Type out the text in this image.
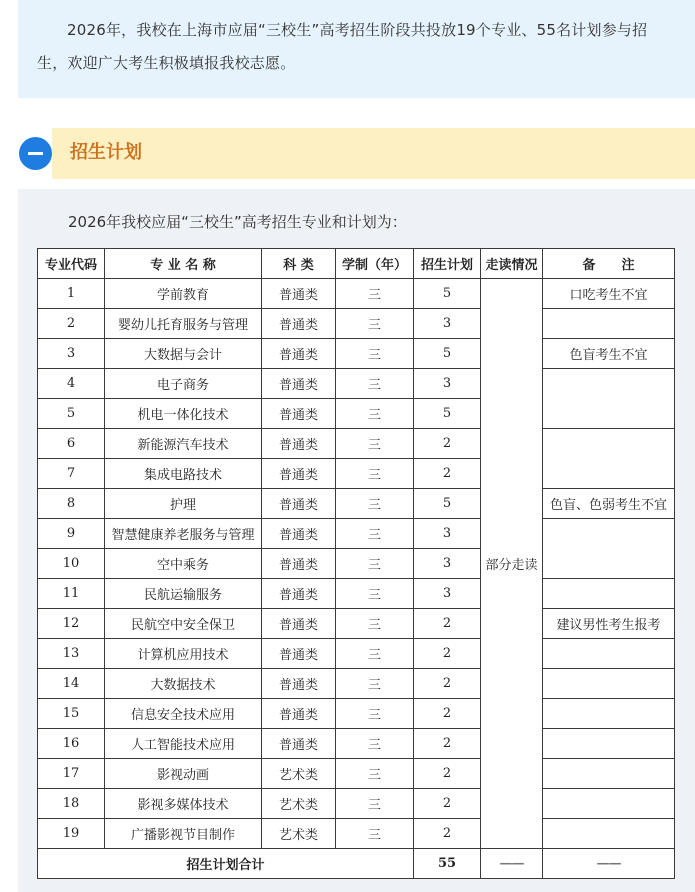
2026年，我校在上海市应届“三校生”高考招生阶段共投放19个专业、55名计划参与招生，欢迎广大考生积极填报我校志愿。

招生计划
2026年我校应届“三校生”高考招生专业和计划为：
专业代码	专 业 名 称	科 类	学制（年）	招生计划	走读情况	备　　注
1	学前教育	普通类	三	5	部分走读	口吃考生不宜
2	婴幼儿托育服务与管理	普通类	三	3		
3	大数据与会计	普通类	三	5		色盲考生不宜
4	电子商务	普通类	三	3		
5	机电一体化技术	普通类	三	5		
6	新能源汽车技术	普通类	三	2		
7	集成电路技术	普通类	三	2		
8	护理	普通类	三	5		色盲、色弱考生不宜
9	智慧健康养老服务与管理	普通类	三	3		
10	空中乘务	普通类	三	3		
11	民航运输服务	普通类	三	3		
12	民航空中安全保卫	普通类	三	2		建议男性考生报考
13	计算机应用技术	普通类	三	2		
14	大数据技术	普通类	三	2		
15	信息安全技术应用	普通类	三	2		
16	人工智能技术应用	普通类	三	2		
17	影视动画	艺术类	三	2		
18	影视多媒体技术	艺术类	三	2		
19	广播影视节目制作	艺术类	三	2		
招生计划合计				55	——	——
